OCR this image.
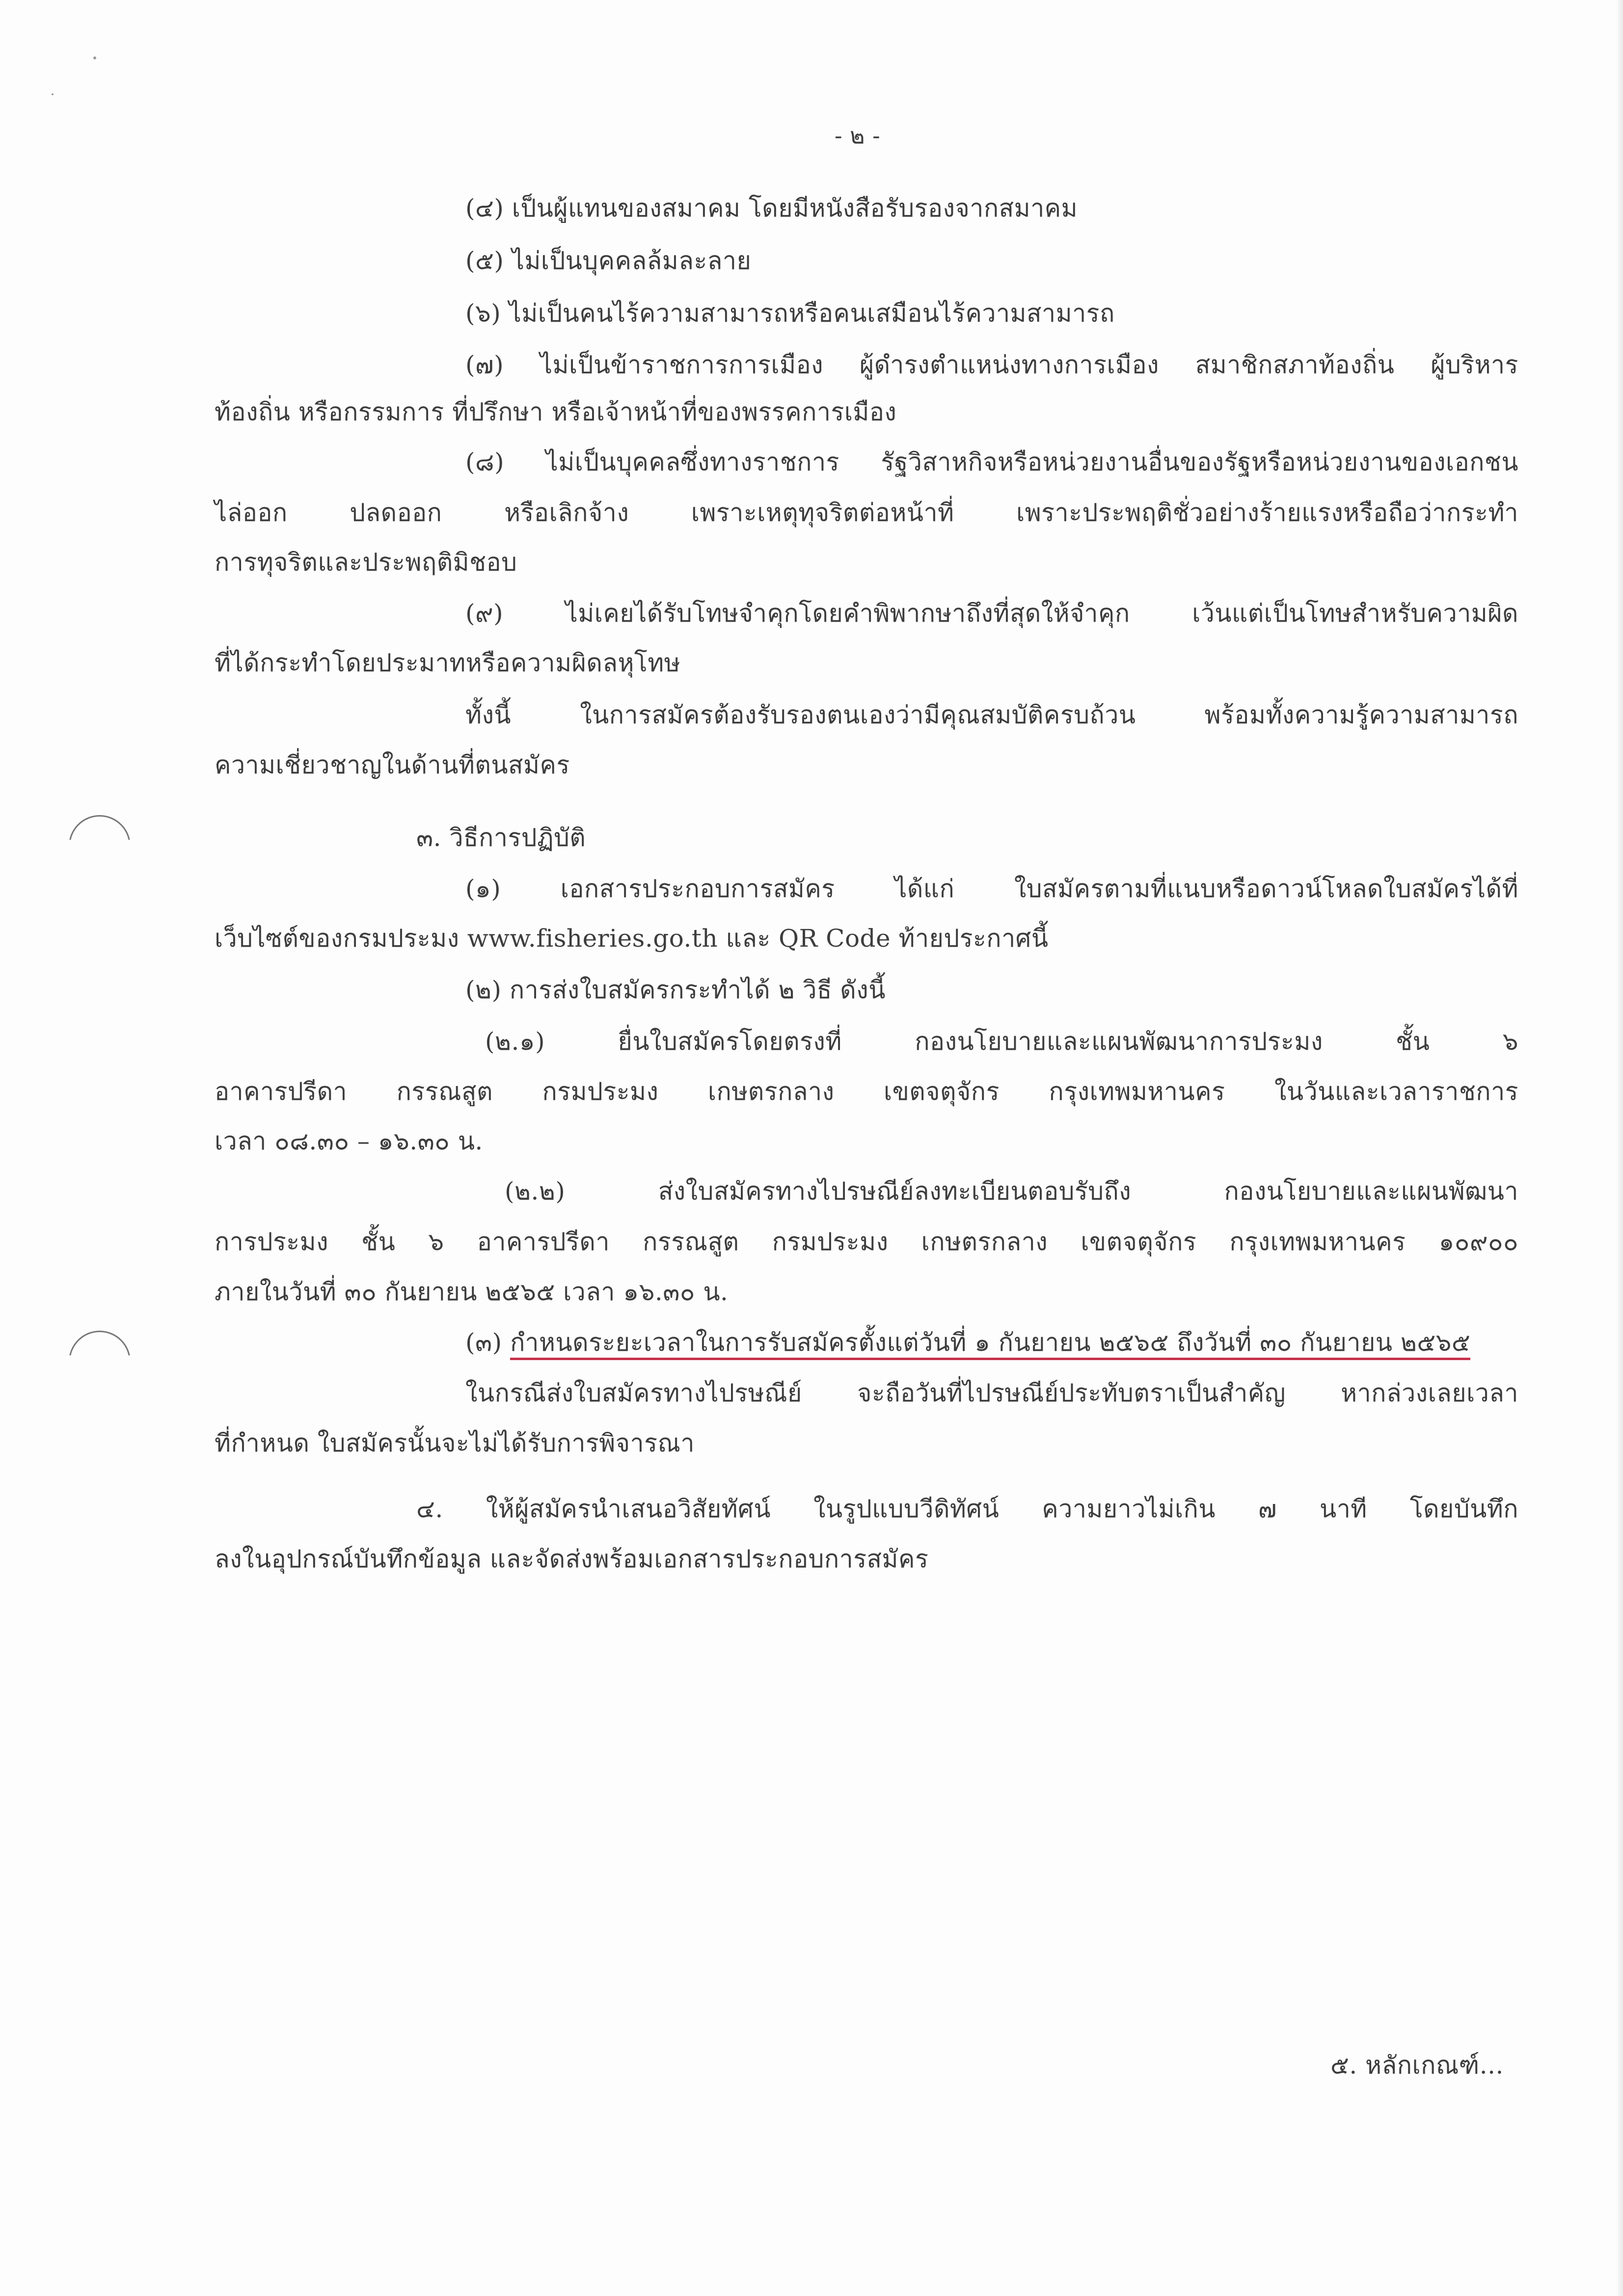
- ๒ -
(๔) เป็นผู้แทนของสมาคม โดยมีหนังสือรับรองจากสมาคม
(๕) ไม่เป็นบุคคลล้มละลาย
(๖) ไม่เป็นคนไร้ความสามารถหรือคนเสมือนไร้ความสามารถ
(๗) ไม่เป็นข้าราชการการเมือง ผู้ดำรงตำแหน่งทางการเมือง สมาชิกสภาท้องถิ่น ผู้บริหาร
ท้องถิ่น หรือกรรมการ ที่ปรึกษา หรือเจ้าหน้าที่ของพรรคการเมือง
(๘) ไม่เป็นบุคคลซึ่งทางราชการ รัฐวิสาหกิจหรือหน่วยงานอื่นของรัฐหรือหน่วยงานของเอกชน
ไล่ออก ปลดออก หรือเลิกจ้าง เพราะเหตุทุจริตต่อหน้าที่ เพราะประพฤติชั่วอย่างร้ายแรงหรือถือว่ากระทำ
การทุจริตและประพฤติมิชอบ
(๙) ไม่เคยได้รับโทษจำคุกโดยคำพิพากษาถึงที่สุดให้จำคุก เว้นแต่เป็นโทษสำหรับความผิด
ที่ได้กระทำโดยประมาทหรือความผิดลหุโทษ
ทั้งนี้ ในการสมัครต้องรับรองตนเองว่ามีคุณสมบัติครบถ้วน พร้อมทั้งความรู้ความสามารถ
ความเชี่ยวชาญในด้านที่ตนสมัคร
๓. วิธีการปฏิบัติ
(๑) เอกสารประกอบการสมัคร ได้แก่ ใบสมัครตามที่แนบหรือดาวน์โหลดใบสมัครได้ที่
เว็บไซต์ของกรมประมง www.fisheries.go.th และ QR Code ท้ายประกาศนี้
(๒) การส่งใบสมัครกระทำได้ ๒ วิธี ดังนี้
(๒.๑) ยื่นใบสมัครโดยตรงที่ กองนโยบายและแผนพัฒนาการประมง ชั้น ๖
อาคารปรีดา กรรณสูต กรมประมง เกษตรกลาง เขตจตุจักร กรุงเทพมหานคร ในวันและเวลาราชการ
เวลา ๐๘.๓๐ – ๑๖.๓๐ น.
(๒.๒) ส่งใบสมัครทางไปรษณีย์ลงทะเบียนตอบรับถึง กองนโยบายและแผนพัฒนา
การประมง ชั้น ๖ อาคารปรีดา กรรณสูต กรมประมง เกษตรกลาง เขตจตุจักร กรุงเทพมหานคร ๑๐๙๐๐
ภายในวันที่ ๓๐ กันยายน ๒๕๖๕ เวลา ๑๖.๓๐ น.
(๓) กำหนดระยะเวลาในการรับสมัครตั้งแต่วันที่ ๑ กันยายน ๒๕๖๕ ถึงวันที่ ๓๐ กันยายน ๒๕๖๕
ในกรณีส่งใบสมัครทางไปรษณีย์ จะถือวันที่ไปรษณีย์ประทับตราเป็นสำคัญ หากล่วงเลยเวลา
ที่กำหนด ใบสมัครนั้นจะไม่ได้รับการพิจารณา
๔. ให้ผู้สมัครนำเสนอวิสัยทัศน์ ในรูปแบบวีดิทัศน์ ความยาวไม่เกิน ๗ นาที โดยบันทึก
ลงในอุปกรณ์บันทึกข้อมูล และจัดส่งพร้อมเอกสารประกอบการสมัคร
๕. หลักเกณฑ์...
